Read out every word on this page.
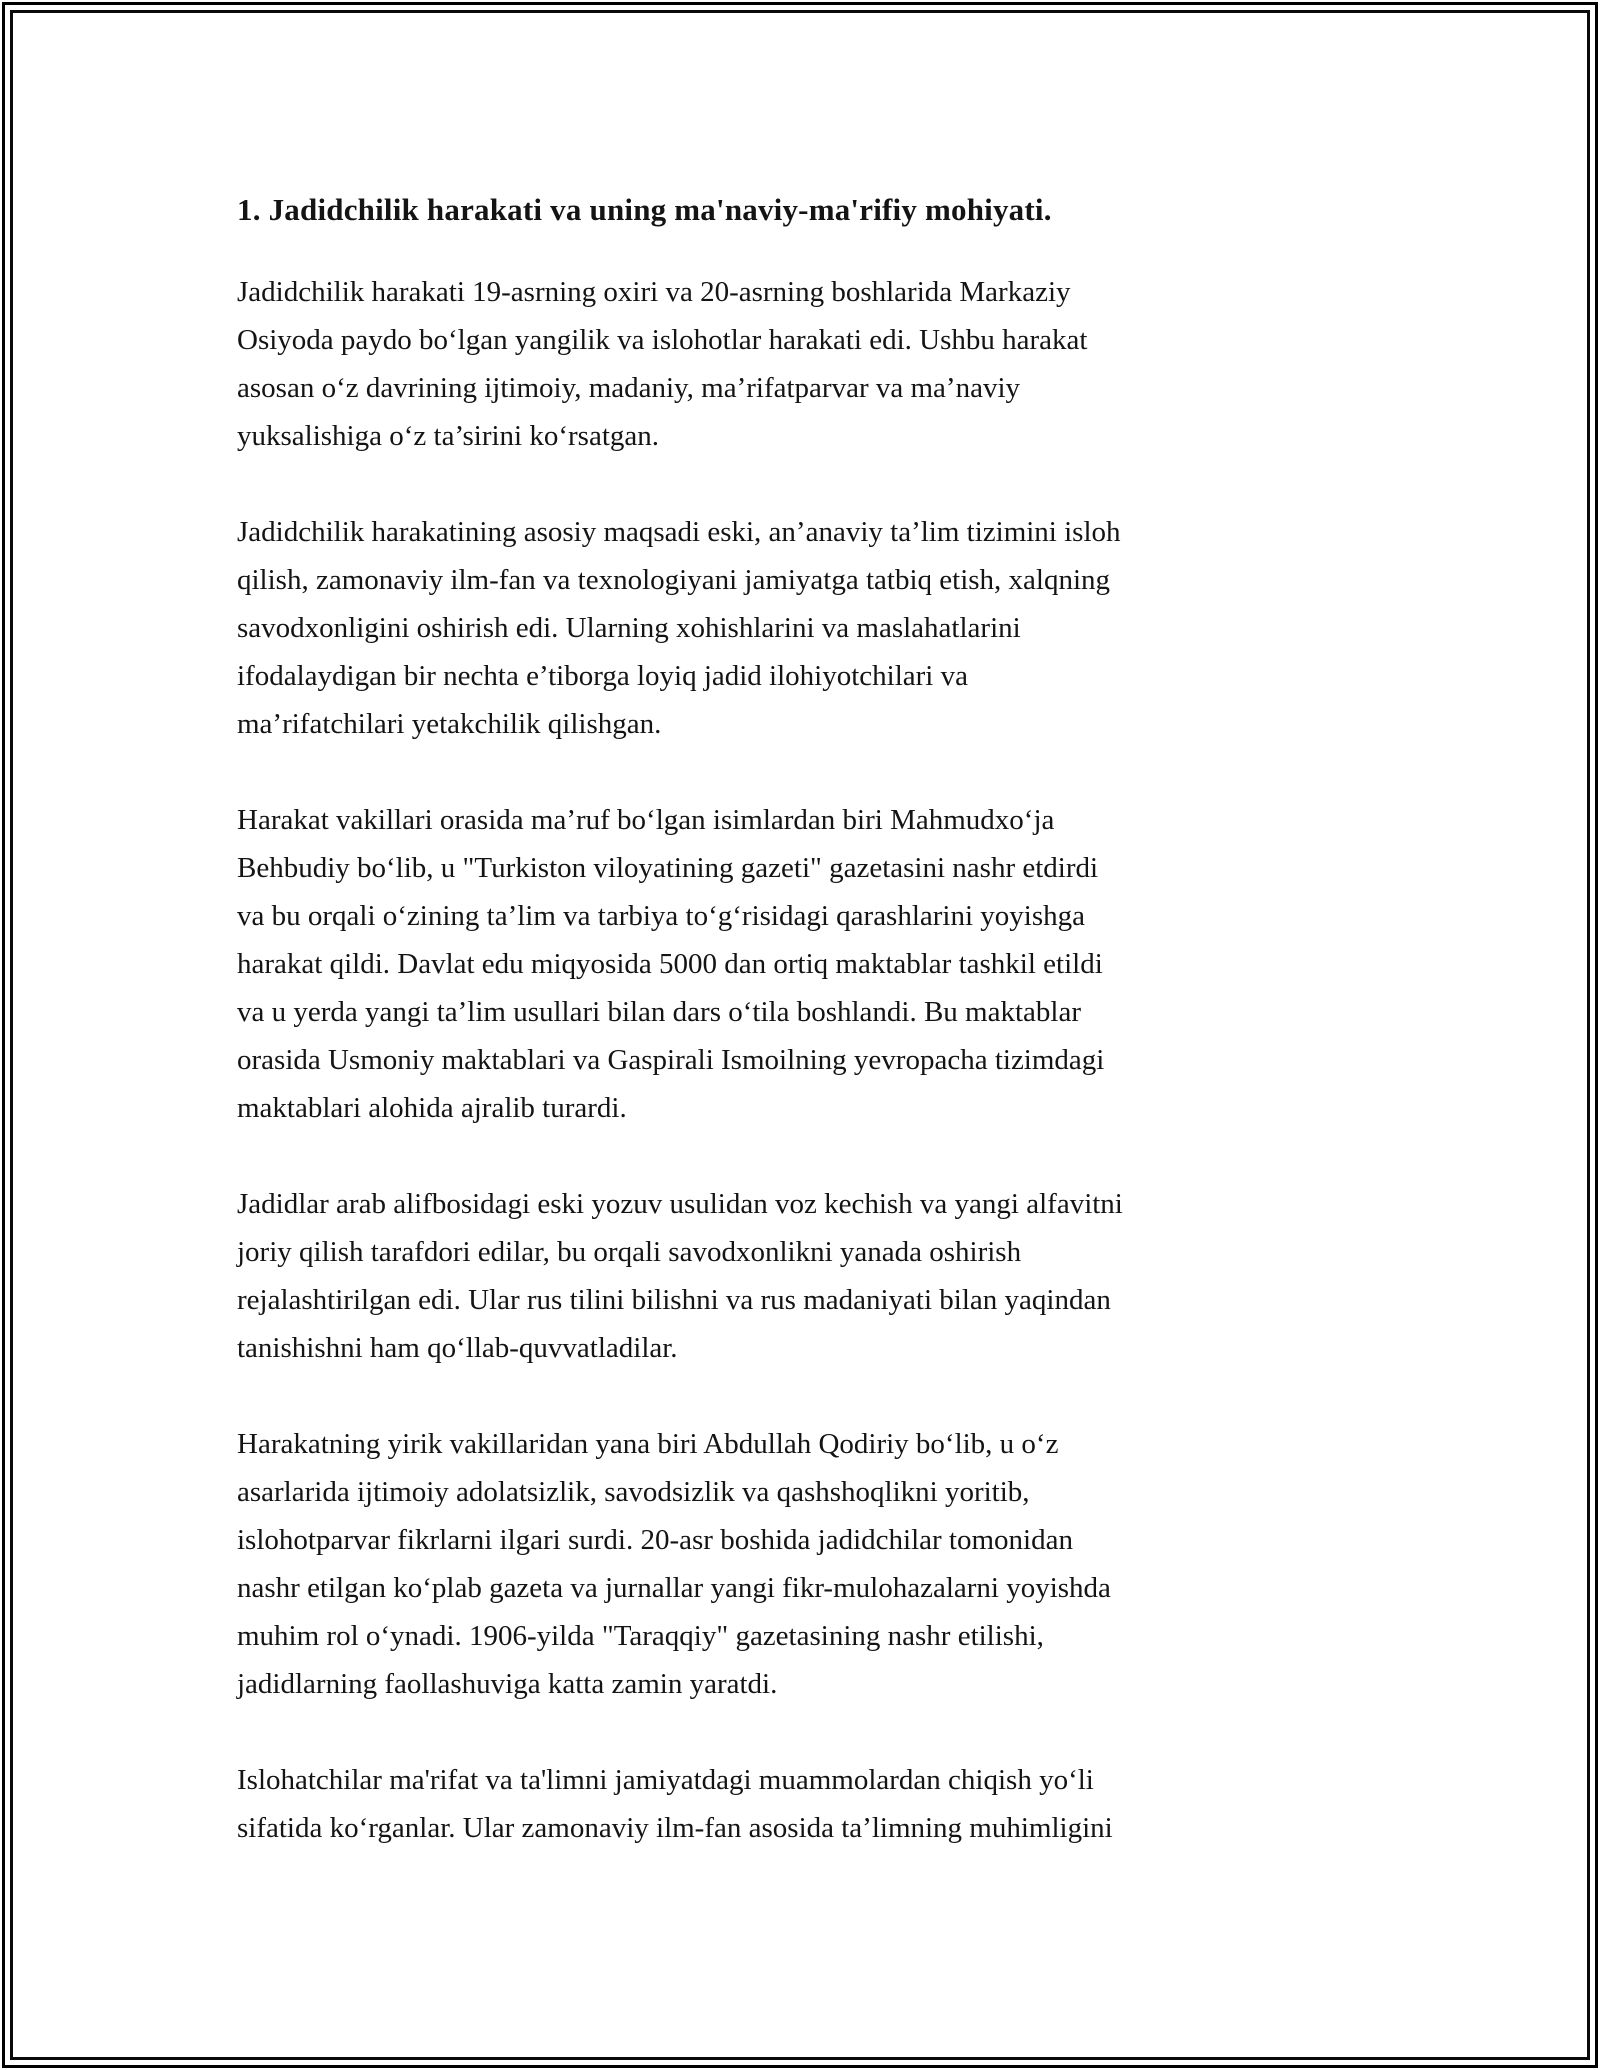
1. Jadidchilik harakati va uning ma'naviy-ma'rifiy mohiyati.

Jadidchilik harakati 19-asrning oxiri va 20-asrning boshlarida Markaziy
Osiyoda paydo boʻlgan yangilik va islohotlar harakati edi. Ushbu harakat
asosan oʻz davrining ijtimoiy, madaniy, ma’rifatparvar va ma’naviy
yuksalishiga oʻz ta’sirini koʻrsatgan.

Jadidchilik harakatining asosiy maqsadi eski, an’anaviy ta’lim tizimini isloh
qilish, zamonaviy ilm-fan va texnologiyani jamiyatga tatbiq etish, xalqning
savodxonligini oshirish edi. Ularning xohishlarini va maslahatlarini
ifodalaydigan bir nechta e’tiborga loyiq jadid ilohiyotchilari va
ma’rifatchilari yetakchilik qilishgan.

Harakat vakillari orasida ma’ruf boʻlgan isimlardan biri Mahmudxoʻja
Behbudiy boʻlib, u "Turkiston viloyatining gazeti" gazetasini nashr etdirdi
va bu orqali oʻzining ta’lim va tarbiya toʻgʻrisidagi qarashlarini yoyishga
harakat qildi. Davlat edu miqyosida 5000 dan ortiq maktablar tashkil etildi
va u yerda yangi ta’lim usullari bilan dars oʻtila boshlandi. Bu maktablar
orasida Usmoniy maktablari va Gaspirali Ismoilning yevropacha tizimdagi
maktablari alohida ajralib turardi.

Jadidlar arab alifbosidagi eski yozuv usulidan voz kechish va yangi alfavitni
joriy qilish tarafdori edilar, bu orqali savodxonlikni yanada oshirish
rejalashtirilgan edi. Ular rus tilini bilishni va rus madaniyati bilan yaqindan
tanishishni ham qoʻllab-quvvatladilar.

Harakatning yirik vakillaridan yana biri Abdullah Qodiriy boʻlib, u oʻz
asarlarida ijtimoiy adolatsizlik, savodsizlik va qashshoqlikni yoritib,
islohotparvar fikrlarni ilgari surdi. 20-asr boshida jadidchilar tomonidan
nashr etilgan koʻplab gazeta va jurnallar yangi fikr-mulohazalarni yoyishda
muhim rol oʻynadi. 1906-yilda "Taraqqiy" gazetasining nashr etilishi,
jadidlarning faollashuviga katta zamin yaratdi.

Islohatchilar ma'rifat va ta'limni jamiyatdagi muammolardan chiqish yoʻli
sifatida koʻrganlar. Ular zamonaviy ilm-fan asosida ta’limning muhimligini
